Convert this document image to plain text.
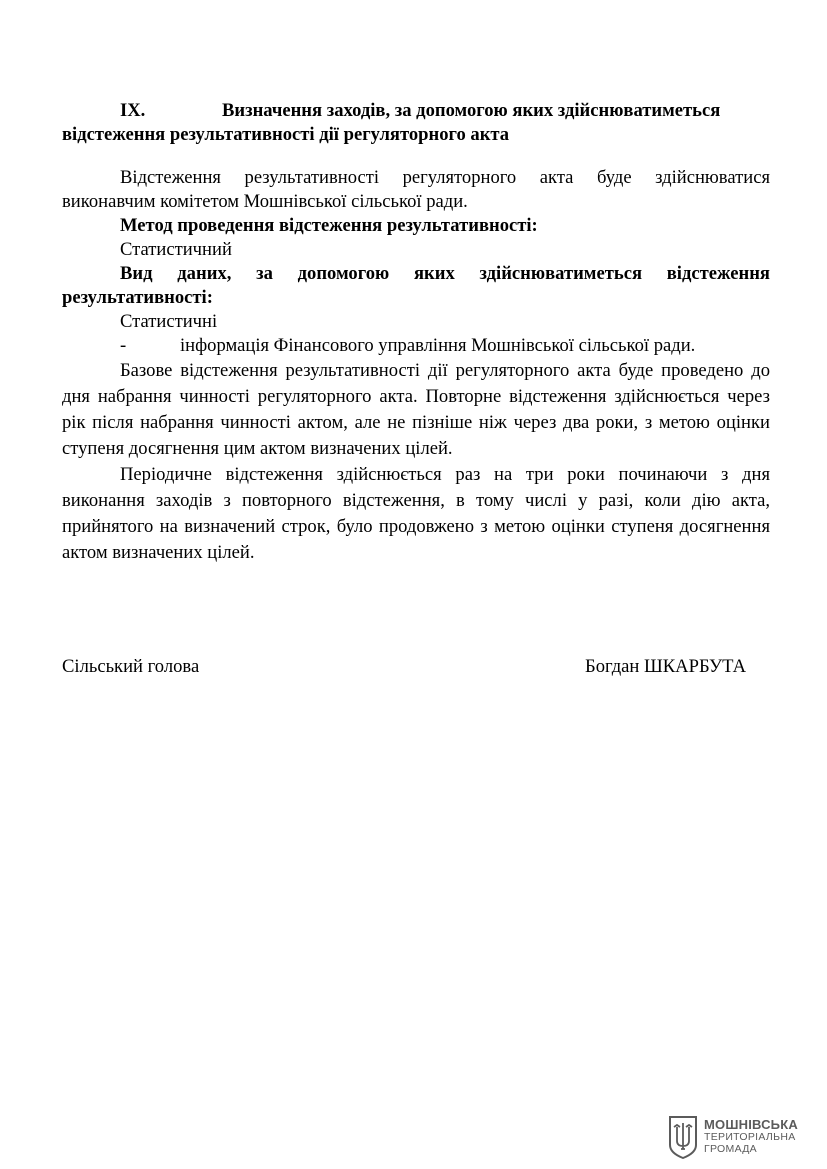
IX.	Визначення заходів, за допомогою яких здійснюватиметься
відстеження результативності дії регуляторного акта

Відстеження результативності регуляторного акта буде здійснюватися виконавчим комітетом Мошнівської сільської ради.

Метод проведення відстеження результативності:

Статистичний

Вид даних, за допомогою яких здійснюватиметься відстеження результативності:

Статистичні

-	інформація Фінансового управління Мошнівської сільської ради.

Базове відстеження результативності дії регуляторного акта буде проведено до дня набрання чинності регуляторного акта. Повторне відстеження здійснюється через рік після набрання чинності актом, але не пізніше ніж через два роки, з метою оцінки ступеня досягнення цим актом визначених цілей.

Періодичне відстеження здійснюється раз на три роки починаючи з дня виконання заходів з повторного відстеження, в тому числі у разі, коли дію акта, прийнятого на визначений строк, було продовжено з метою оцінки ступеня досягнення актом визначених цілей.

Сільський голова	Богдан ШКАРБУТА
МОШНІВСЬКА
ТЕРИТОРІАЛЬНА
ГРОМАДА
